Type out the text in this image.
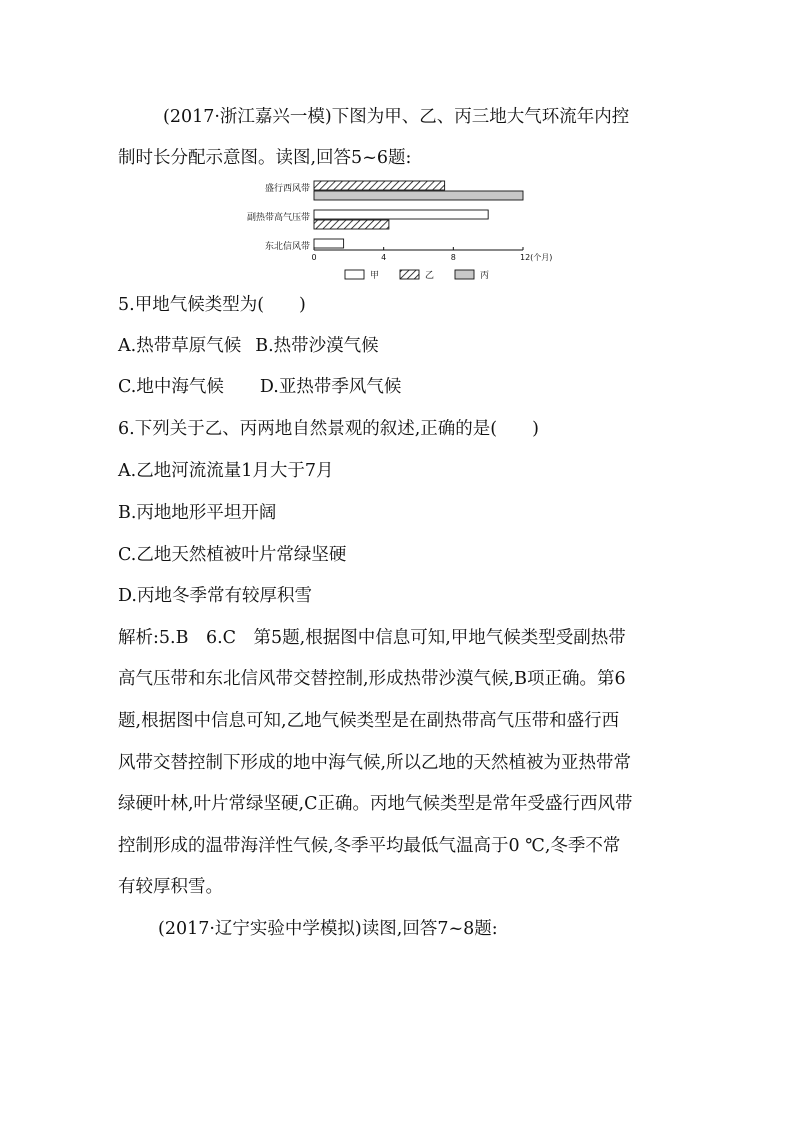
(2017·浙江嘉兴一模)下图为甲、乙、丙三地大气环流年内控
制时长分配示意图。读图,回答5~6题:
盛行西风带
副热带高气压带
东北信风带
0	4	8	12(个月)
甲	乙	丙
5.甲地气候类型为(　　)
A.热带草原气候 B.热带沙漠气候
C.地中海气候 D.亚热带季风气候
6.下列关于乙、丙两地自然景观的叙述,正确的是(　　)
A.乙地河流流量1月大于7月
B.丙地地形平坦开阔
C.乙地天然植被叶片常绿坚硬
D.丙地冬季常有较厚积雪
解析:5.B　6.C　第5题,根据图中信息可知,甲地气候类型受副热带
高气压带和东北信风带交替控制,形成热带沙漠气候,B项正确。第6
题,根据图中信息可知,乙地气候类型是在副热带高气压带和盛行西
风带交替控制下形成的地中海气候,所以乙地的天然植被为亚热带常
绿硬叶林,叶片常绿坚硬,C正确。丙地气候类型是常年受盛行西风带
控制形成的温带海洋性气候,冬季平均最低气温高于0 ℃,冬季不常
有较厚积雪。
(2017·辽宁实验中学模拟)读图,回答7~8题:
